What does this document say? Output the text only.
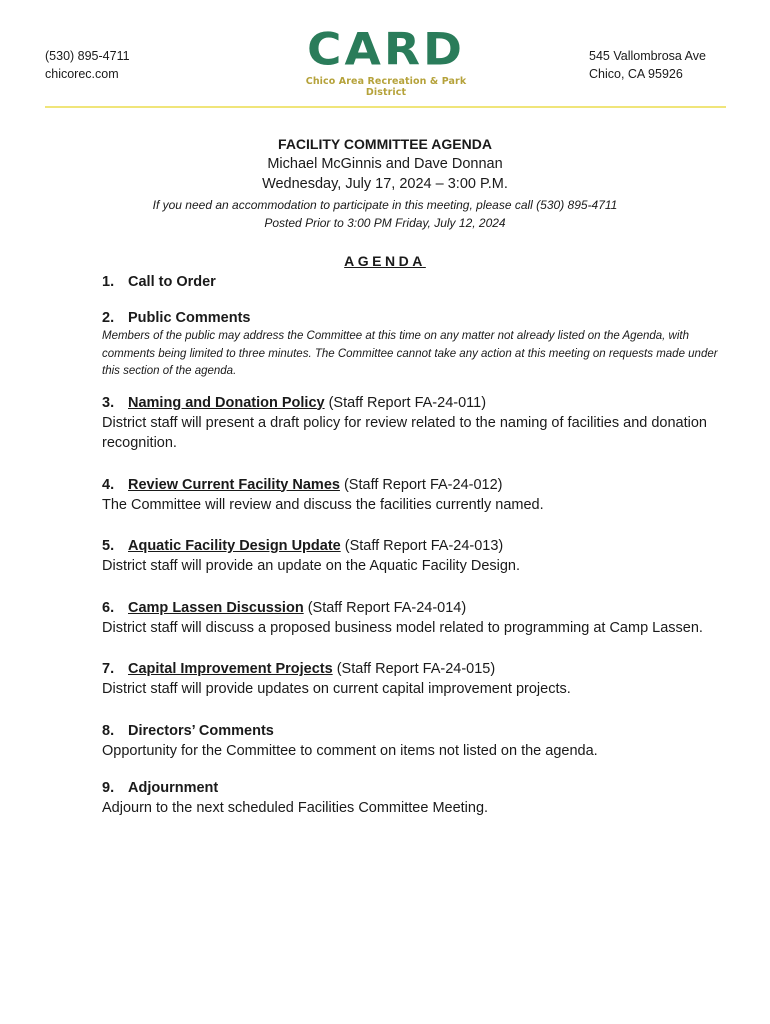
(530) 895-4711
chicorec.com	CARD
Chico Area Recreation & Park District
545 Vallombrosa Ave
Chico, CA 95926
FACILITY COMMITTEE AGENDA
Michael McGinnis and Dave Donnan
Wednesday, July 17, 2024 – 3:00 P.M.
If you need an accommodation to participate in this meeting, please call (530) 895-4711
Posted Prior to 3:00 PM Friday, July 12, 2024
AGENDA
1. Call to Order
2. Public Comments
Members of the public may address the Committee at this time on any matter not already listed on the Agenda, with comments being limited to three minutes. The Committee cannot take any action at this meeting on requests made under this section of the agenda.
3. Naming and Donation Policy (Staff Report FA-24-011)
District staff will present a draft policy for review related to the naming of facilities and donation recognition.
4. Review Current Facility Names (Staff Report FA-24-012)
The Committee will review and discuss the facilities currently named.
5. Aquatic Facility Design Update (Staff Report FA-24-013)
District staff will provide an update on the Aquatic Facility Design.
6. Camp Lassen Discussion (Staff Report FA-24-014)
District staff will discuss a proposed business model related to programming at Camp Lassen.
7. Capital Improvement Projects (Staff Report FA-24-015)
District staff will provide updates on current capital improvement projects.
8. Directors’ Comments
Opportunity for the Committee to comment on items not listed on the agenda.
9. Adjournment
Adjourn to the next scheduled Facilities Committee Meeting.
